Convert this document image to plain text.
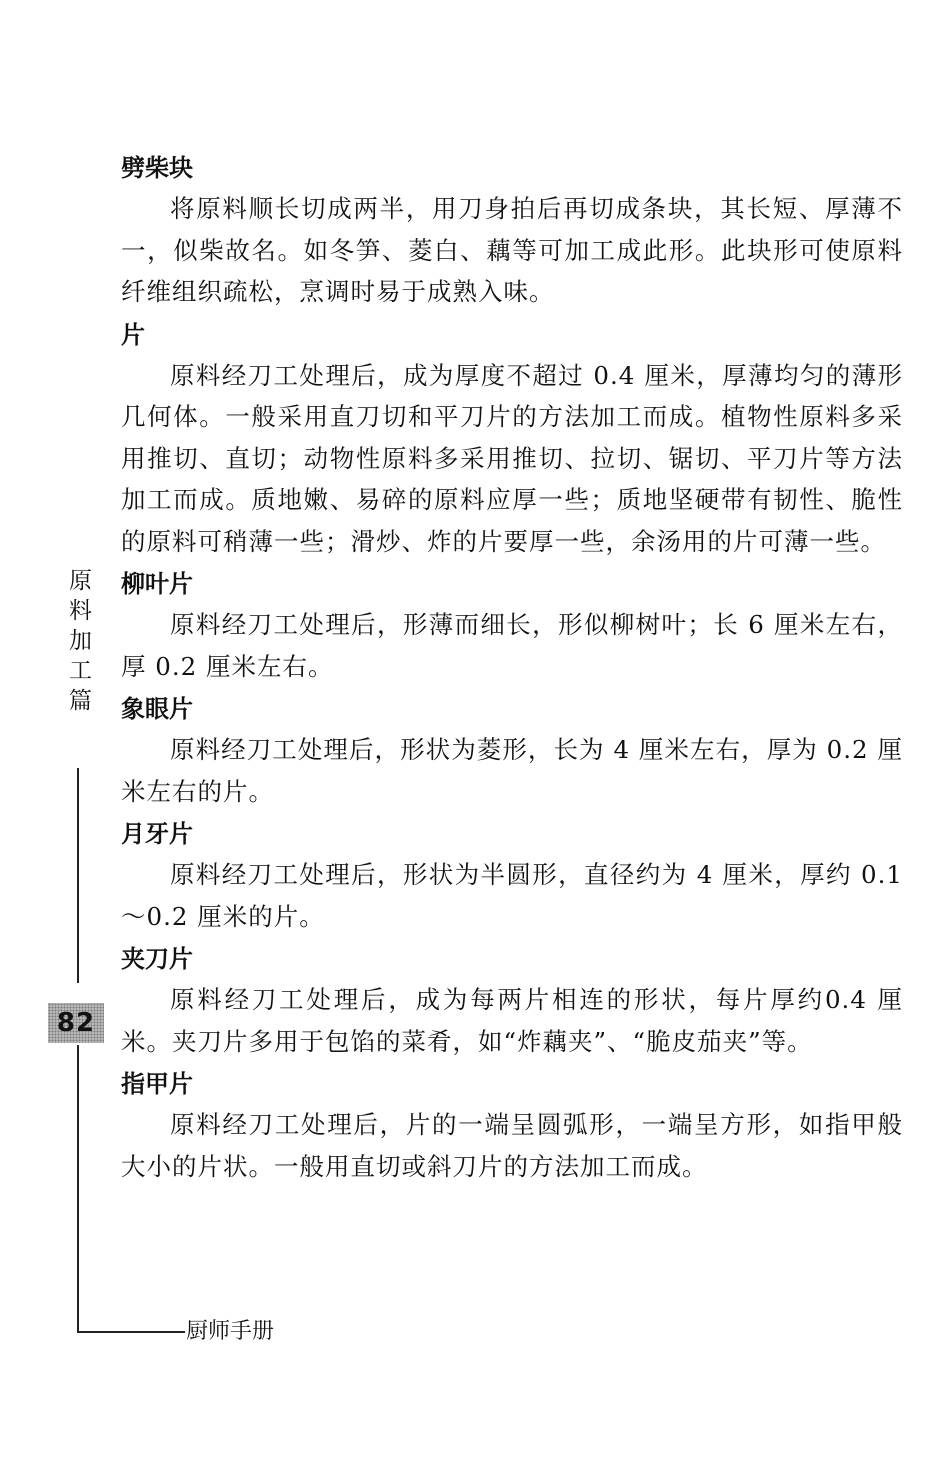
劈柴块

将原料顺长切成两半，用刀身拍后再切成条块，其长短、厚薄不一，似柴故名。如冬笋、菱白、藕等可加工成此形。此块形可使原料纤维组织疏松，烹调时易于成熟入味。

片

原料经刀工处理后，成为厚度不超过 0.4 厘米，厚薄均匀的薄形几何体。一般采用直刀切和平刀片的方法加工而成。植物性原料多采用推切、直切；动物性原料多采用推切、拉切、锯切、平刀片等方法加工而成。质地嫩、易碎的原料应厚一些；质地坚硬带有韧性、脆性的原料可稍薄一些；滑炒、炸的片要厚一些，余汤用的片可薄一些。

柳叶片

原料经刀工处理后，形薄而细长，形似柳树叶；长 6 厘米左右，厚 0.2 厘米左右。

象眼片

原料经刀工处理后，形状为菱形，长为 4 厘米左右，厚为 0.2 厘米左右的片。

月牙片

原料经刀工处理后，形状为半圆形，直径约为 4 厘米，厚约 0.1～0.2 厘米的片。

夹刀片

原料经刀工处理后，成为每两片相连的形状，每片厚约0.4 厘米。夹刀片多用于包馅的菜肴，如“炸藕夹”、“脆皮茄夹”等。

指甲片

原料经刀工处理后，片的一端呈圆弧形，一端呈方形，如指甲般大小的片状。一般用直切或斜刀片的方法加工而成。

原料加工篇
82
厨师手册
